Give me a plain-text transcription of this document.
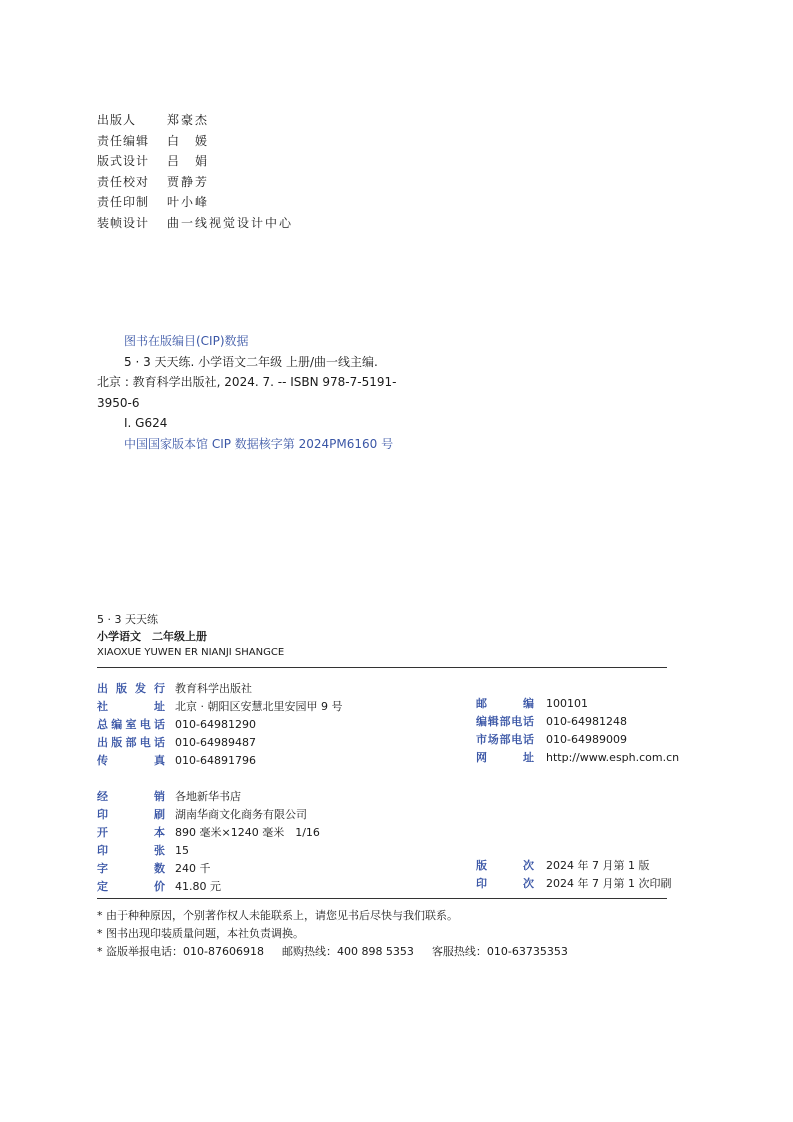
出版人	郑豪杰
责任编辑	白　媛
版式设计	吕　娟
责任校对	贾静芳
责任印制	叶小峰
装帧设计	曲一线视觉设计中心
图书在版编目(CIP)数据
5 · 3 天天练. 小学语文二年级 上册/曲一线主编.
北京 : 教育科学出版社, 2024. 7. -- ISBN 978-7-5191-
3950-6
Ⅰ. G624
中国国家版本馆 CIP 数据核字第 2024PM6160 号
5 · 3 天天练
小学语文　二年级上册
XIAOXUE YUWEN ER NIANJI SHANGCE
出版发行 教育科学出版社
社址 北京 · 朝阳区安慧北里安园甲 9 号
总编室电话 010-64981290
出版部电话 010-64989487
传真 010-64891796
邮编 100101
编辑部电话 010-64981248
市场部电话 010-64989009
网址 http://www.esph.com.cn
经销 各地新华书店
印刷 湖南华商文化商务有限公司
开本 890 毫米×1240 毫米　1/16
印张 15
字数 240 千
定价 41.80 元
版次 2024 年 7 月第 1 版
印次 2024 年 7 月第 1 次印刷
* 由于种种原因，个别著作权人未能联系上，请您见书后尽快与我们联系。
* 图书出现印装质量问题，本社负责调换。
* 盗版举报电话：010-87606918 邮购热线：400 898 5353 客服热线：010-63735353
